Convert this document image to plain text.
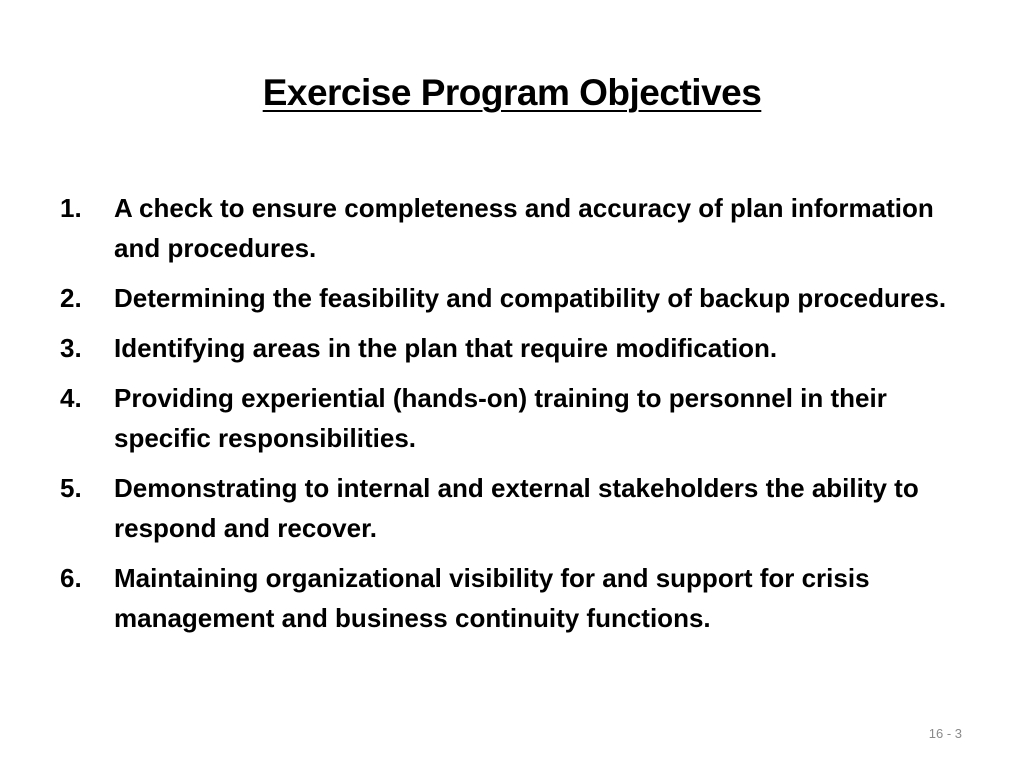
Exercise Program Objectives
1. A check to ensure completeness and accuracy of plan information and procedures.
2. Determining the feasibility and compatibility of backup procedures.
3. Identifying areas in the plan that require modification.
4. Providing experiential (hands-on) training to personnel in their specific responsibilities.
5. Demonstrating to internal and external stakeholders the ability to respond and recover.
6. Maintaining organizational visibility for and support for crisis management and business continuity functions.
16 - 3
